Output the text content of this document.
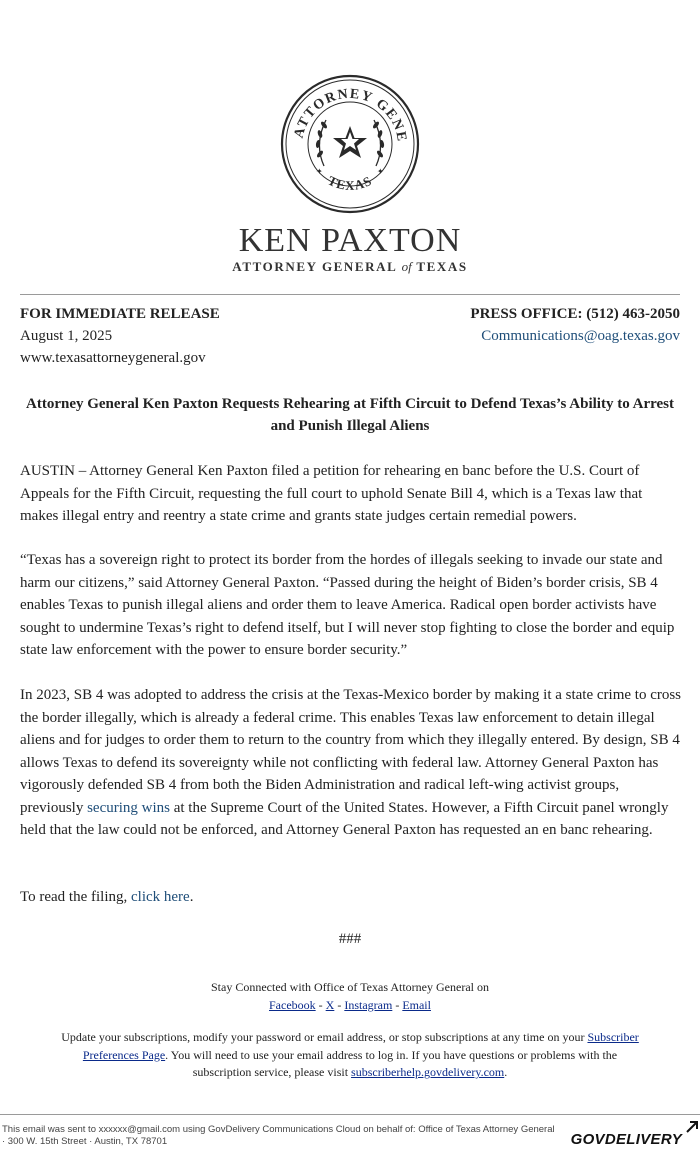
ATTORNEY GENE
TEXAS
✦	✦
KEN PAXTON
ATTORNEY GENERAL of TEXAS
FOR IMMEDIATE RELEASE
August 1, 2025
www.texasattorneygeneral.gov
PRESS OFFICE: (512) 463-2050
Communications@oag.texas.gov
Attorney General Ken Paxton Requests Rehearing at Fifth Circuit to Defend Texas’s Ability to Arrest and Punish Illegal Aliens
AUSTIN – Attorney General Ken Paxton filed a petition for rehearing en banc before the U.S. Court of Appeals for the Fifth Circuit, requesting the full court to uphold Senate Bill 4, which is a Texas law that makes illegal entry and reentry a state crime and grants state judges certain remedial powers.
“Texas has a sovereign right to protect its border from the hordes of illegals seeking to invade our state and harm our citizens,” said Attorney General Paxton. “Passed during the height of Biden’s border crisis, SB 4 enables Texas to punish illegal aliens and order them to leave America. Radical open border activists have sought to undermine Texas’s right to defend itself, but I will never stop fighting to close the border and equip state law enforcement with the power to ensure border security.”
In 2023, SB 4 was adopted to address the crisis at the Texas-Mexico border by making it a state crime to cross the border illegally, which is already a federal crime. This enables Texas law enforcement to detain illegal aliens and for judges to order them to return to the country from which they illegally entered. By design, SB 4 allows Texas to defend its sovereignty while not conflicting with federal law. Attorney General Paxton has vigorously defended SB 4 from both the Biden Administration and radical left-wing activist groups, previously securing wins at the Supreme Court of the United States. However, a Fifth Circuit panel wrongly held that the law could not be enforced, and Attorney General Paxton has requested an en banc rehearing.
To read the filing, click here.
###
Stay Connected with Office of Texas Attorney General on
Facebook - X - Instagram - Email
Update your subscriptions, modify your password or email address, or stop subscriptions at any time on your Subscriber Preferences Page. You will need to use your email address to log in. If you have questions or problems with the subscription service, please visit subscriberhelp.govdelivery.com.
This email was sent to xxxxxx@gmail.com using GovDelivery Communications Cloud on behalf of: Office of Texas Attorney General
· 300 W. 15th Street · Austin, TX 78701	GOVDELIVERY
